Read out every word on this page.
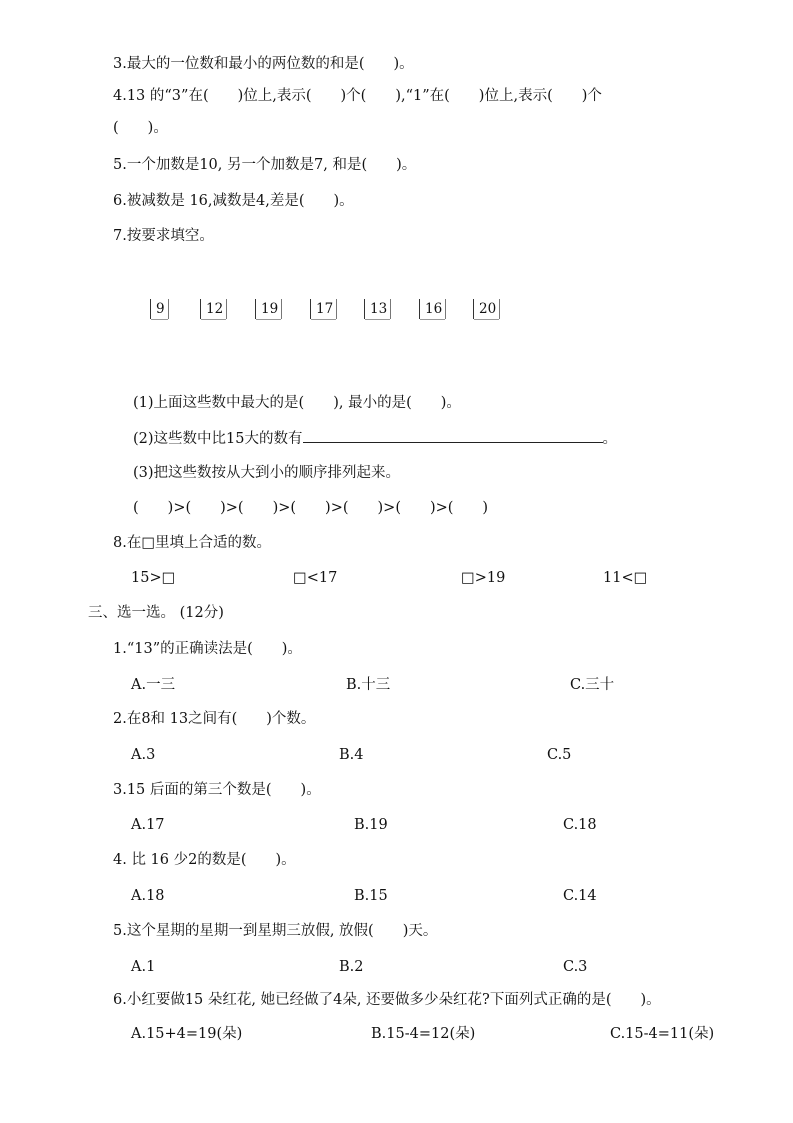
3.最大的一位数和最小的两位数的和是(　　)。
4.13 的“3”在(　　)位上,表示(　　)个(　　),“1”在(　　)位上,表示(　　)个
(　　)。
5.一个加数是10, 另一个加数是7, 和是(　　)。
6.被减数是 16,减数是4,差是(　　)。
7.按要求填空。
9	12	19	17	13	16	20
(1)上面这些数中最大的是(　　), 最小的是(　　)。
(2)这些数中比15大的数有	。
(3)把这些数按从大到小的顺序排列起来。
(　　)>(　　)>(　　)>(　　)>(　　)>(　　)>(　　)
8.在□里填上合适的数。
15>□	□<17	□>19	11<□
三、选一选。 (12分)
1.“13”的正确读法是(　　)。
A.一三	B.十三	C.三十
2.在8和 13之间有(　　)个数。
A.3	B.4	C.5
3.15 后面的第三个数是(　　)。
A.17	B.19	C.18
4. 比 16 少2的数是(　　)。
A.18	B.15	C.14
5.这个星期的星期一到星期三放假, 放假(　　)天。
A.1	B.2	C.3
6.小红要做15 朵红花, 她已经做了4朵, 还要做多少朵红花?下面列式正确的是(　　)。
A.15+4=19(朵)	B.15-4=12(朵)	C.15-4=11(朵)
